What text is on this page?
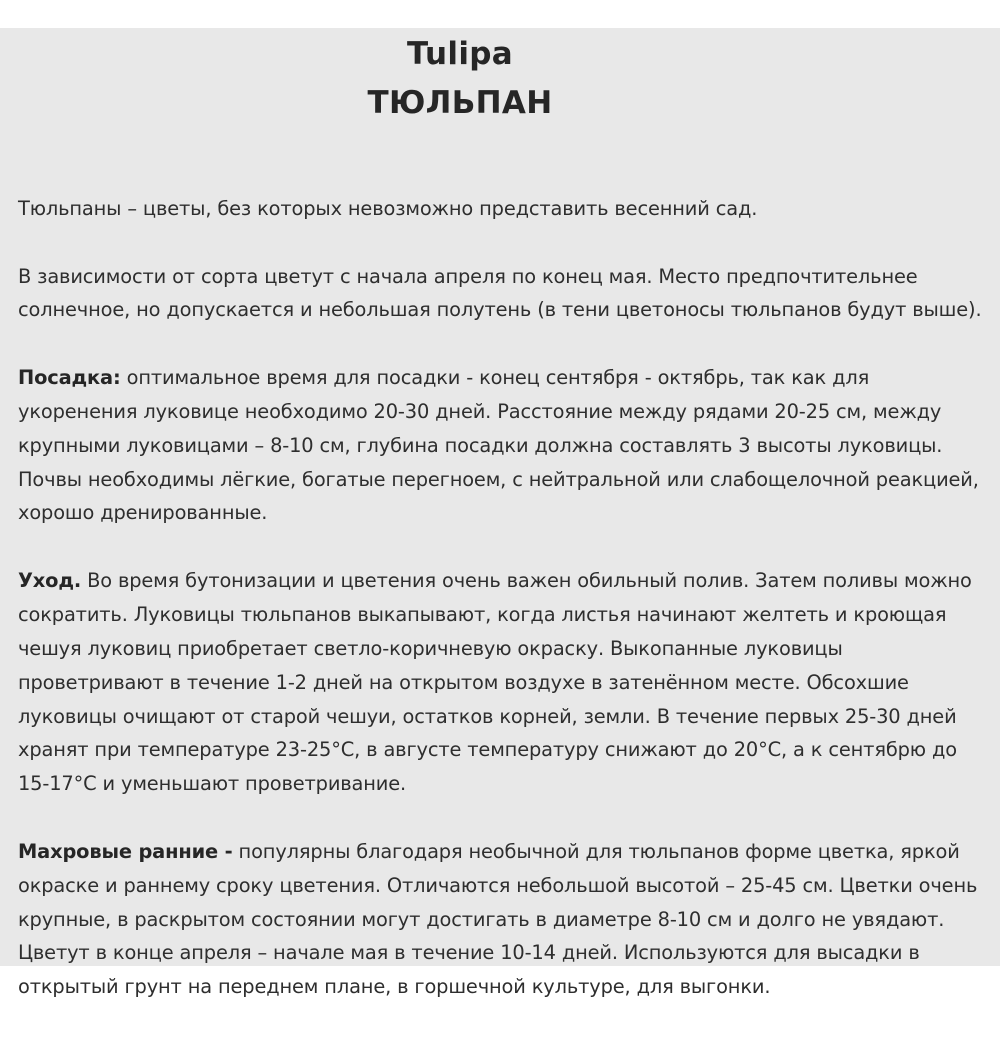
Tulipa
ТЮЛЬПАН

Тюльпаны – цветы, без которых невозможно представить весенний сад.

В зависимости от сорта цветут с начала апреля по конец мая. Место предпочтительнее солнечное, но допускается и небольшая полутень (в тени цветоносы тюльпанов будут выше).

Посадка: оптимальное время для посадки - конец сентября - октябрь, так как для укоренения луковице необходимо 20-30 дней. Расстояние между рядами 20-25 см, между крупными луковицами – 8-10 см, глубина посадки должна составлять 3 высоты луковицы. Почвы необходимы лёгкие, богатые перегноем, с нейтральной или слабощелочной реакцией, хорошо дренированные.

Уход. Во время бутонизации и цветения очень важен обильный полив. Затем поливы можно сократить. Луковицы тюльпанов выкапывают, когда листья начинают желтеть и кроющая чешуя луковиц приобретает светло-коричневую окраску. Выкопанные луковицы проветривают в течение 1-2 дней на открытом воздухе в затенённом месте. Обсохшие луковицы очищают от старой чешуи, остатков корней, земли. В течение первых 25-30 дней хранят при температуре 23-25°С, в августе температуру снижают до 20°С, а к сентябрю до 15-17°С и уменьшают проветривание.

Махровые ранние - популярны благодаря необычной для тюльпанов форме цветка, яркой окраске и раннему сроку цветения. Отличаются небольшой высотой – 25-45 см. Цветки очень крупные, в раскрытом состоянии могут достигать в диаметре 8-10 см и долго не увядают. Цветут в конце апреля – начале мая в течение 10-14 дней. Используются для высадки в открытый грунт на переднем плане, в горшечной культуре, для выгонки.
